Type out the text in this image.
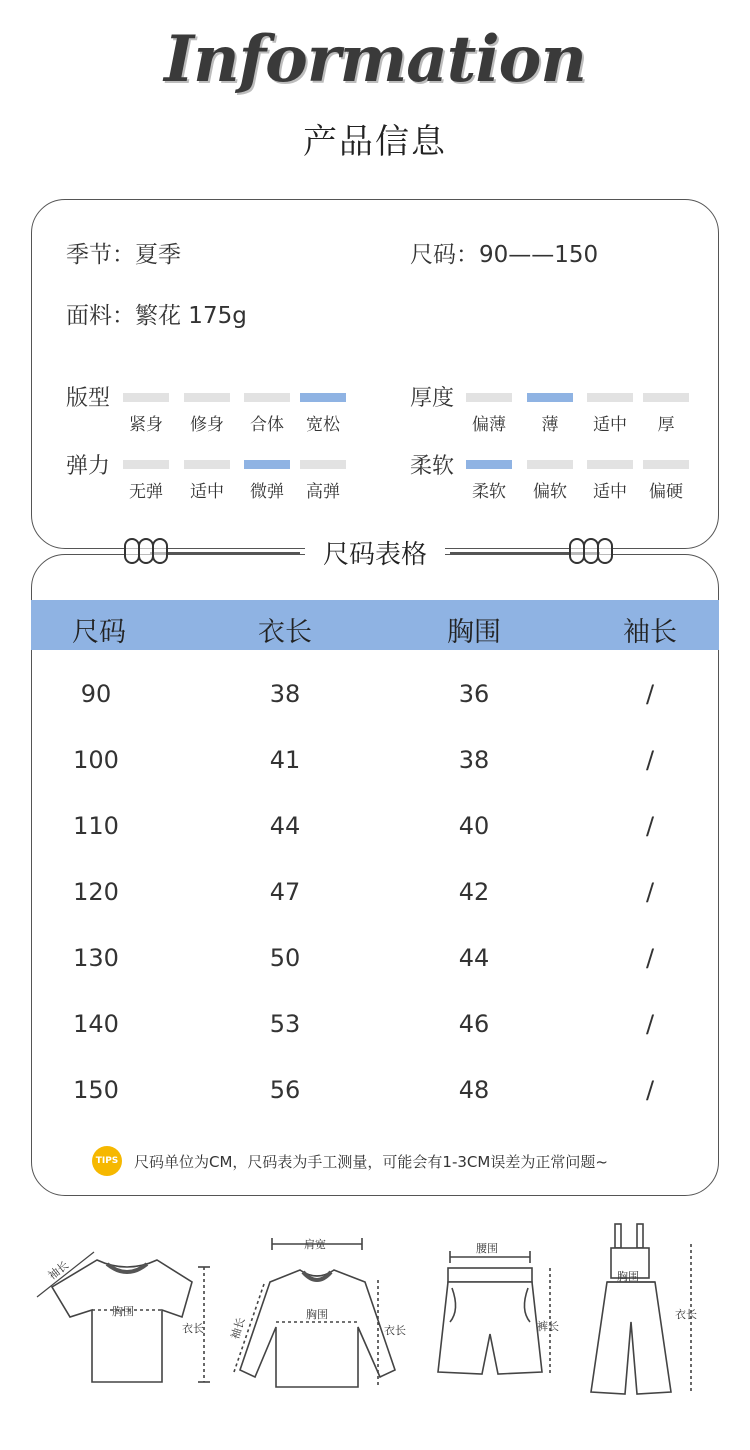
Information
产品信息
季节：夏季	尺码：90——150
面料：繁花 175g
版型
紧身	修身	合体	宽松
厚度
偏薄	薄	适中	厚
弹力
无弹	适中	微弹	高弹
柔软
柔软	偏软	适中	偏硬
尺码表格
尺码	衣长	胸围	袖长
90	38	36	/
100	41	38	/
110	44	40	/
120	47	42	/
130	50	44	/
140	53	46	/
150	56	48	/
TIPS 尺码单位为CM，尺码表为手工测量，可能会有1-3CM误差为正常问题~
袖长
胸围
衣长
肩宽
袖长
胸围
衣长
腰围
裤长
胸围
衣长
